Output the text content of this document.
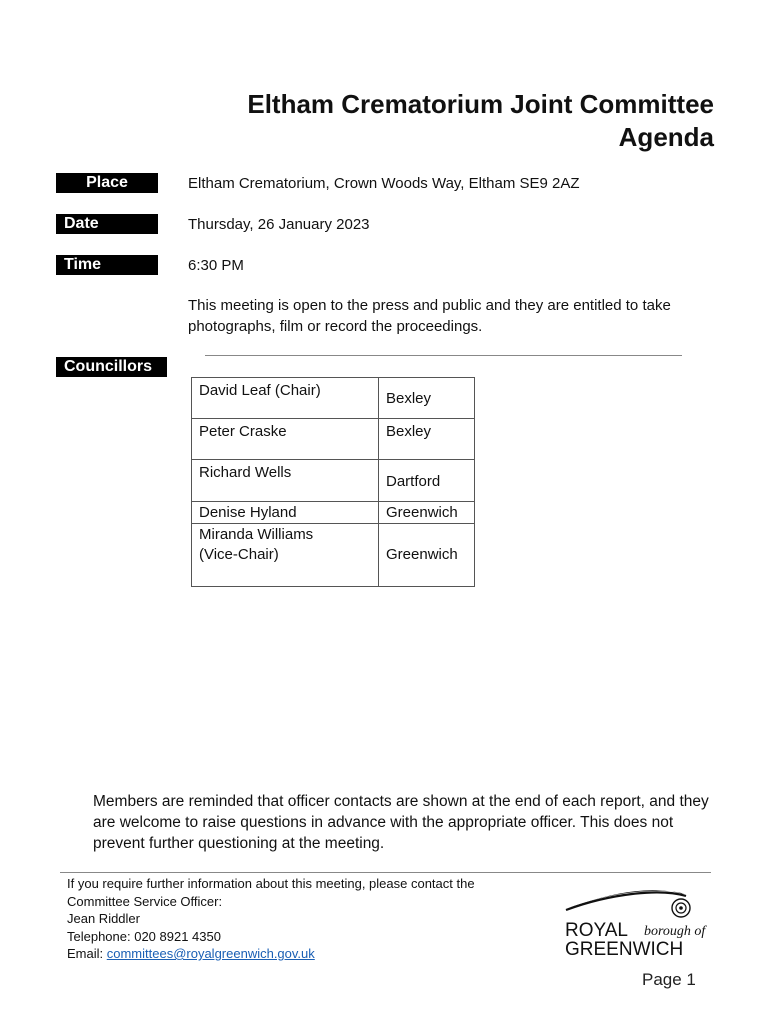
Eltham Crematorium Joint Committee
Agenda
Place	Eltham Crematorium, Crown Woods Way, Eltham SE9 2AZ
Date	Thursday, 26 January 2023
Time	6:30 PM
This meeting is open to the press and public and they are entitled to take photographs, film or record the proceedings.
Councillors
David Leaf (Chair)	Bexley
Peter Craske	Bexley
Richard Wells	Dartford
Denise Hyland	Greenwich

Miranda Williams
(Vice-Chair)	Greenwich
Members are reminded that officer contacts are shown at the end of each report, and they are welcome to raise questions in advance with the appropriate officer. This does not prevent further questioning at the meeting.
If you require further information about this meeting, please contact the
Committee Service Officer:
Jean Riddler
Telephone: 020 8921 4350
Email: committees@royalgreenwich.gov.uk
ROYAL borough of
GREENWICH
Page 1
